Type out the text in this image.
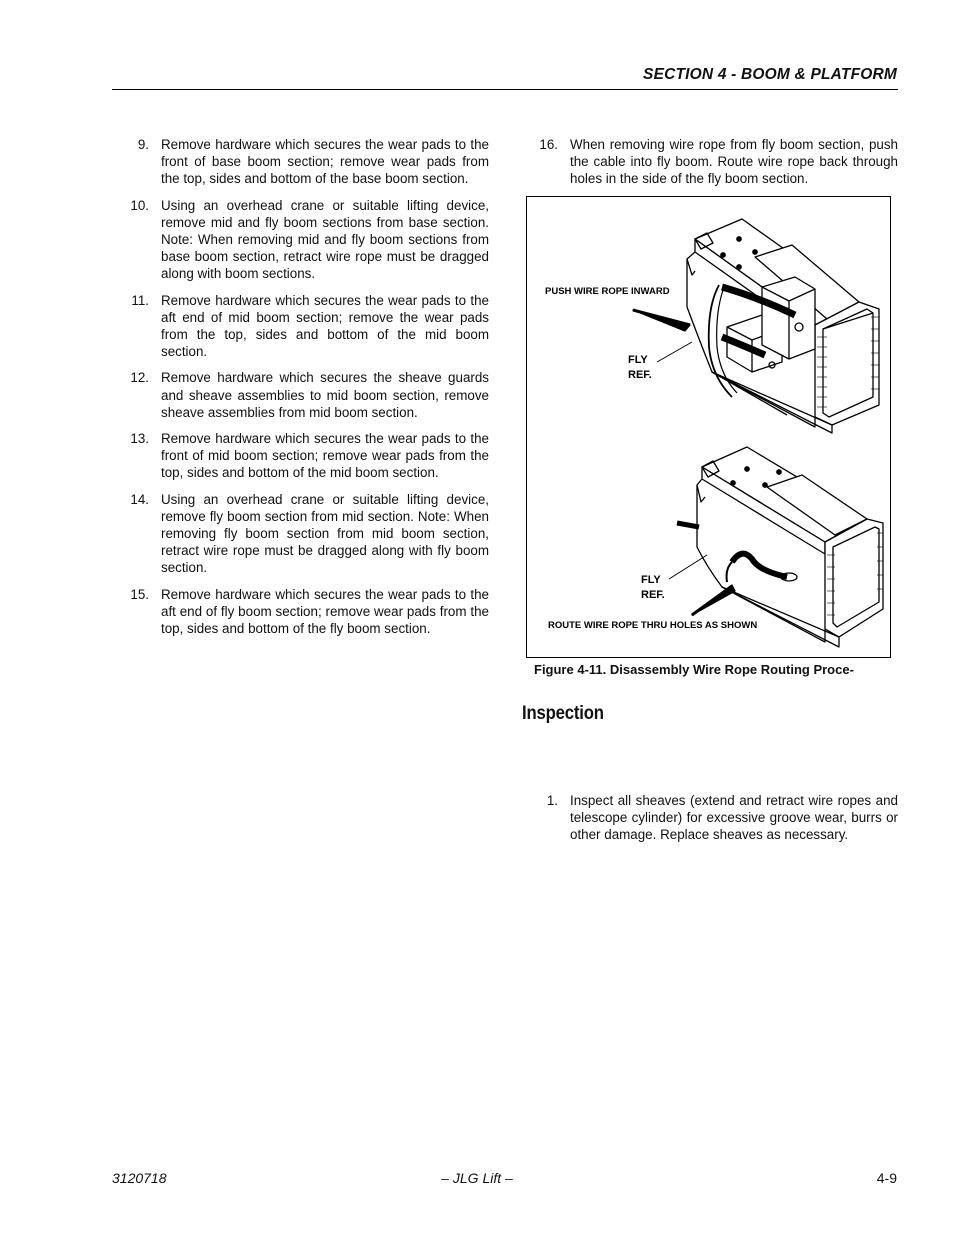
SECTION 4 - BOOM & PLATFORM
9. Remove hardware which secures the wear pads to the front of base boom section; remove wear pads from the top, sides and bottom of the base boom section.
10. Using an overhead crane or suitable lifting device, remove mid and fly boom sections from base section. Note: When removing mid and fly boom sections from base boom section, retract wire rope must be dragged along with boom sections.
11. Remove hardware which secures the wear pads to the aft end of mid boom section; remove the wear pads from the top, sides and bottom of the mid boom section.
12. Remove hardware which secures the sheave guards and sheave assemblies to mid boom section, remove sheave assemblies from mid boom section.
13. Remove hardware which secures the wear pads to the front of mid boom section; remove wear pads from the top, sides and bottom of the mid boom section.
14. Using an overhead crane or suitable lifting device, remove fly boom section from mid section. Note: When removing fly boom section from mid boom section, retract wire rope must be dragged along with fly boom section.
15. Remove hardware which secures the wear pads to the aft end of fly boom section; remove wear pads from the top, sides and bottom of the fly boom section.
16. When removing wire rope from fly boom section, push the cable into fly boom. Route wire rope back through holes in the side of the fly boom section.
PUSH WIRE ROPE INWARD
FLY
REF.
FLY
REF.
ROUTE WIRE ROPE THRU HOLES AS SHOWN
Figure 4-11. Disassembly Wire Rope Routing Proce-
Inspection
1. Inspect all sheaves (extend and retract wire ropes and telescope cylinder) for excessive groove wear, burrs or other damage. Replace sheaves as necessary.
3120718	– JLG Lift –	4-9
